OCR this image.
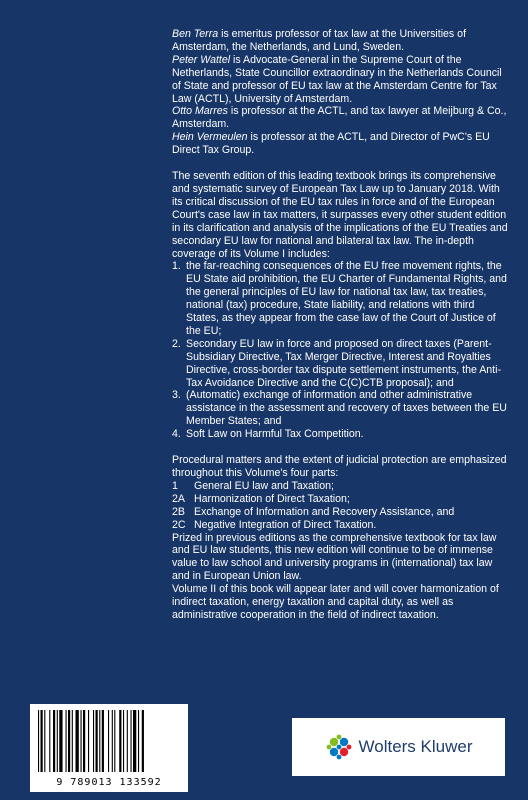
Ben Terra is emeritus professor of tax law at the Universities of Amsterdam, the Netherlands, and Lund, Sweden.

Peter Wattel is Advocate-General in the Supreme Court of the Netherlands, State Councillor extraordinary in the Netherlands Council of State and professor of EU tax law at the Amsterdam Centre for Tax Law (ACTL), University of Amsterdam.

Otto Marres is professor at the ACTL, and tax lawyer at Meijburg & Co., Amsterdam.

Hein Vermeulen is professor at the ACTL, and Director of PwC's EU Direct Tax Group.

The seventh edition of this leading textbook brings its comprehensive and systematic survey of European Tax Law up to January 2018. With its critical discussion of the EU tax rules in force and of the European Court's case law in tax matters, it surpasses every other student edition in its clarification and analysis of the implications of the EU Treaties and secondary EU law for national and bilateral tax law. The in-depth coverage of its Volume I includes:

1. the far-reaching consequences of the EU free movement rights, the EU State aid prohibition, the EU Charter of Fundamental Rights, and the general principles of EU law for national tax law, tax treaties, national (tax) procedure, State liability, and relations with third States, as they appear from the case law of the Court of Justice of the EU;
2. Secondary EU law in force and proposed on direct taxes (Parent-Subsidiary Directive, Tax Merger Directive, Interest and Royalties Directive, cross-border tax dispute settlement instruments, the Anti-Tax Avoidance Directive and the C(C)CTB proposal); and
3. (Automatic) exchange of information and other administrative assistance in the assessment and recovery of taxes between the EU Member States; and
4. Soft Law on Harmful Tax Competition.

Procedural matters and the extent of judicial protection are emphasized throughout this Volume's four parts:

1	General EU law and Taxation;
2A Harmonization of Direct Taxation;
2B Exchange of Information and Recovery Assistance, and
2C Negative Integration of Direct Taxation.

Prized in previous editions as the comprehensive textbook for tax law and EU law students, this new edition will continue to be of immense value to law school and university programs in (international) tax law and in European Union law.

Volume II of this book will appear later and will cover harmonization of indirect taxation, energy taxation and capital duty, as well as administrative cooperation in the field of indirect taxation.

9 789013 133592
Wolters Kluwer
